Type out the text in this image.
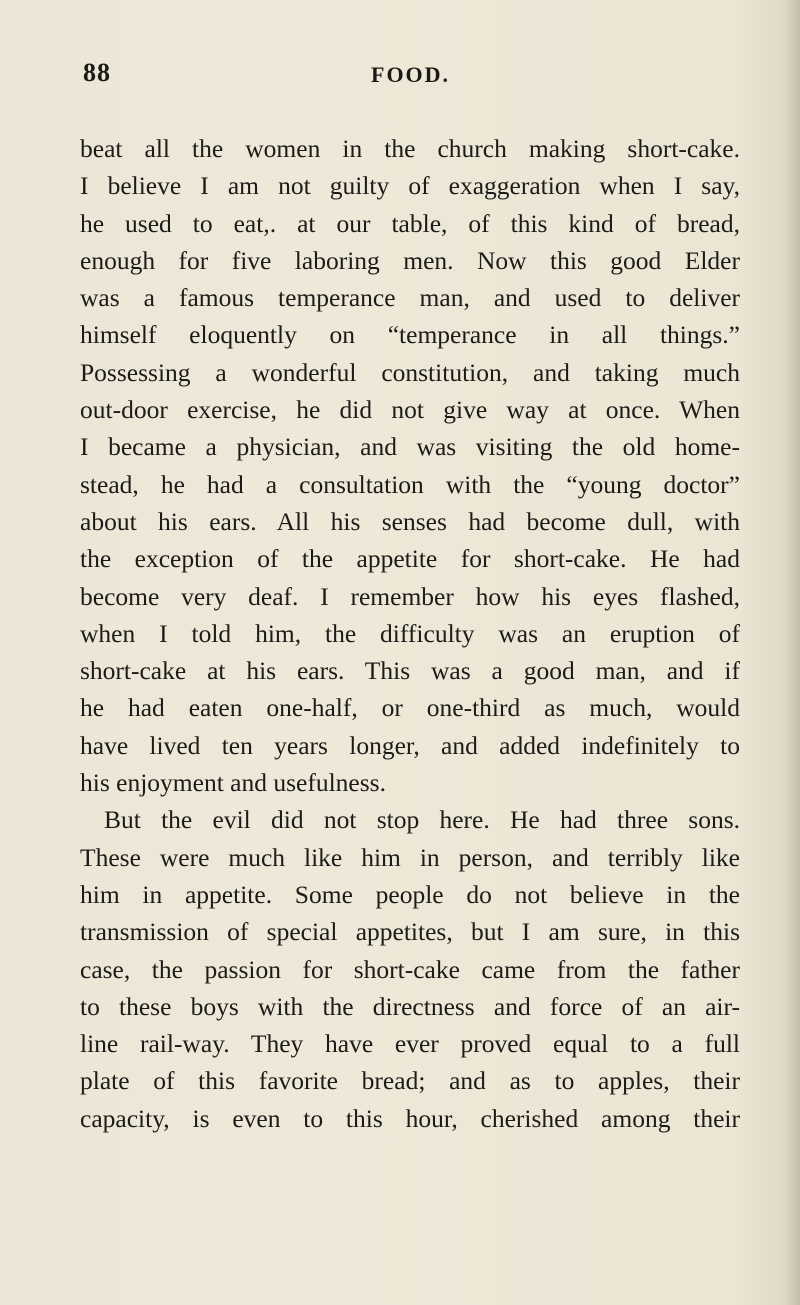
88	FOOD.
beat all the women in the church making short-cake.
I believe I am not guilty of exaggeration when I say,
he used to eat,. at our table, of this kind of bread,
enough for five laboring men. Now this good Elder
was a famous temperance man, and used to deliver
himself eloquently on “temperance in all things.”
Possessing a wonderful constitution, and taking much
out-door exercise, he did not give way at once. When
I became a physician, and was visiting the old home-
stead, he had a consultation with the “young doctor”
about his ears. All his senses had become dull, with
the exception of the appetite for short-cake. He had
become very deaf. I remember how his eyes flashed,
when I told him, the difficulty was an eruption of
short-cake at his ears. This was a good man, and if
he had eaten one-half, or one-third as much, would
have lived ten years longer, and added indefinitely to
his enjoyment and usefulness.
But the evil did not stop here. He had three sons.
These were much like him in person, and terribly like
him in appetite. Some people do not believe in the
transmission of special appetites, but I am sure, in this
case, the passion for short-cake came from the father
to these boys with the directness and force of an air-
line rail-way. They have ever proved equal to a full
plate of this favorite bread; and as to apples, their
capacity, is even to this hour, cherished among their
